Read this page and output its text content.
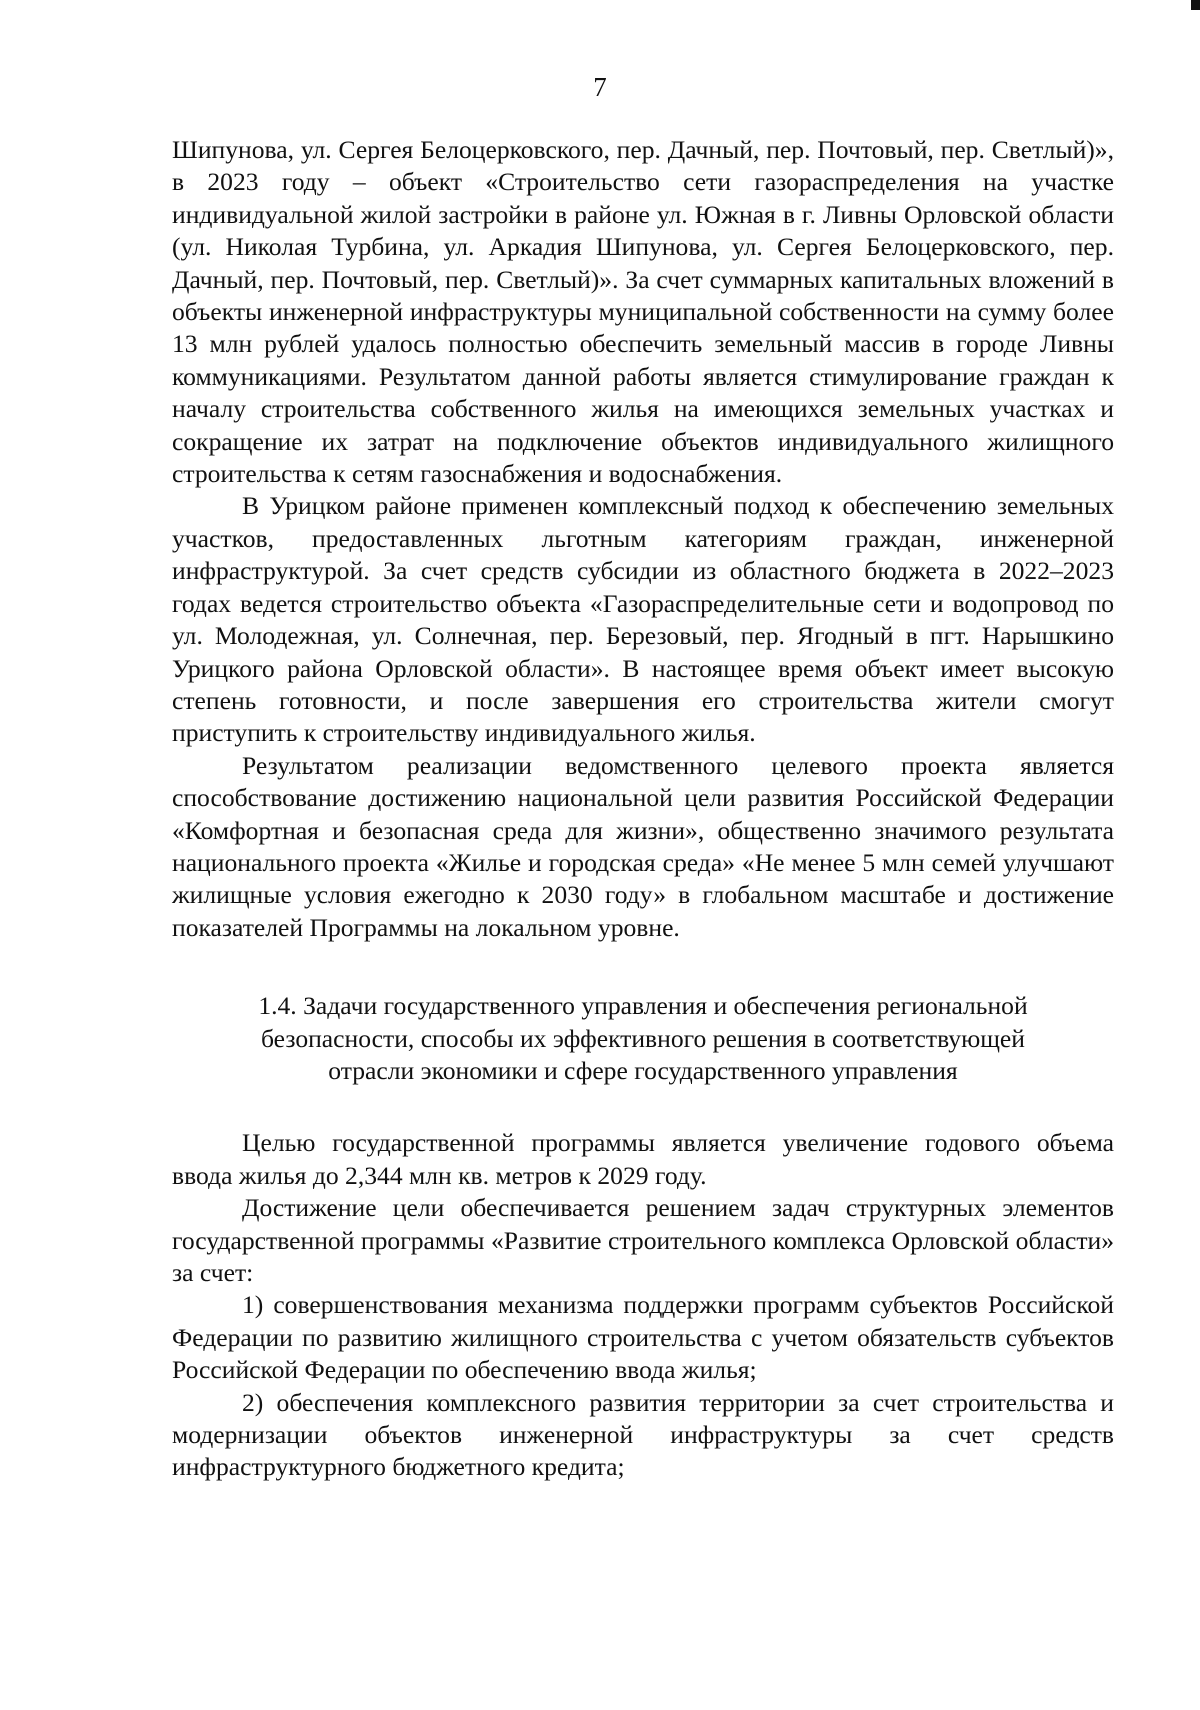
7

Шипунова, ул. Сергея Белоцерковского, пер. Дачный, пер. Почтовый, пер. Светлый)», в 2023 году – объект «Строительство сети газораспределения на участке индивидуальной жилой застройки в районе ул. Южная в г. Ливны Орловской области (ул. Николая Турбина, ул. Аркадия Шипунова, ул. Сергея Белоцерковского, пер. Дачный, пер. Почтовый, пер. Светлый)». За счет суммарных капитальных вложений в объекты инженерной инфраструктуры муниципальной собственности на сумму более 13 млн рублей удалось полностью обеспечить земельный массив в городе Ливны коммуникациями. Результатом данной работы является стимулирование граждан к началу строительства собственного жилья на имеющихся земельных участках и сокращение их затрат на подключение объектов индивидуального жилищного строительства к сетям газоснабжения и водоснабжения.

В Урицком районе применен комплексный подход к обеспечению земельных участков, предоставленных льготным категориям граждан, инженерной инфраструктурой. За счет средств субсидии из областного бюджета в 2022–2023 годах ведется строительство объекта «Газораспределительные сети и водопровод по ул. Молодежная, ул. Солнечная, пер. Березовый, пер. Ягодный в пгт. Нарышкино Урицкого района Орловской области». В настоящее время объект имеет высокую степень готовности, и после завершения его строительства жители смогут приступить к строительству индивидуального жилья.

Результатом реализации ведомственного целевого проекта является способствование достижению национальной цели развития Российской Федерации «Комфортная и безопасная среда для жизни», общественно значимого результата национального проекта «Жилье и городская среда» «Не менее 5 млн семей улучшают жилищные условия ежегодно к 2030 году» в глобальном масштабе и достижение показателей Программы на локальном уровне.

1.4. Задачи государственного управления и обеспечения региональной
безопасности, способы их эффективного решения в соответствующей
отрасли экономики и сфере государственного управления

Целью государственной программы является увеличение годового объема ввода жилья до 2,344 млн кв. метров к 2029 году.

Достижение цели обеспечивается решением задач структурных элементов государственной программы «Развитие строительного комплекса Орловской области» за счет:

1) совершенствования механизма поддержки программ субъектов Российской Федерации по развитию жилищного строительства с учетом обязательств субъектов Российской Федерации по обеспечению ввода жилья;

2) обеспечения комплексного развития территории за счет строительства и модернизации объектов инженерной инфраструктуры за счет средств инфраструктурного бюджетного кредита;
